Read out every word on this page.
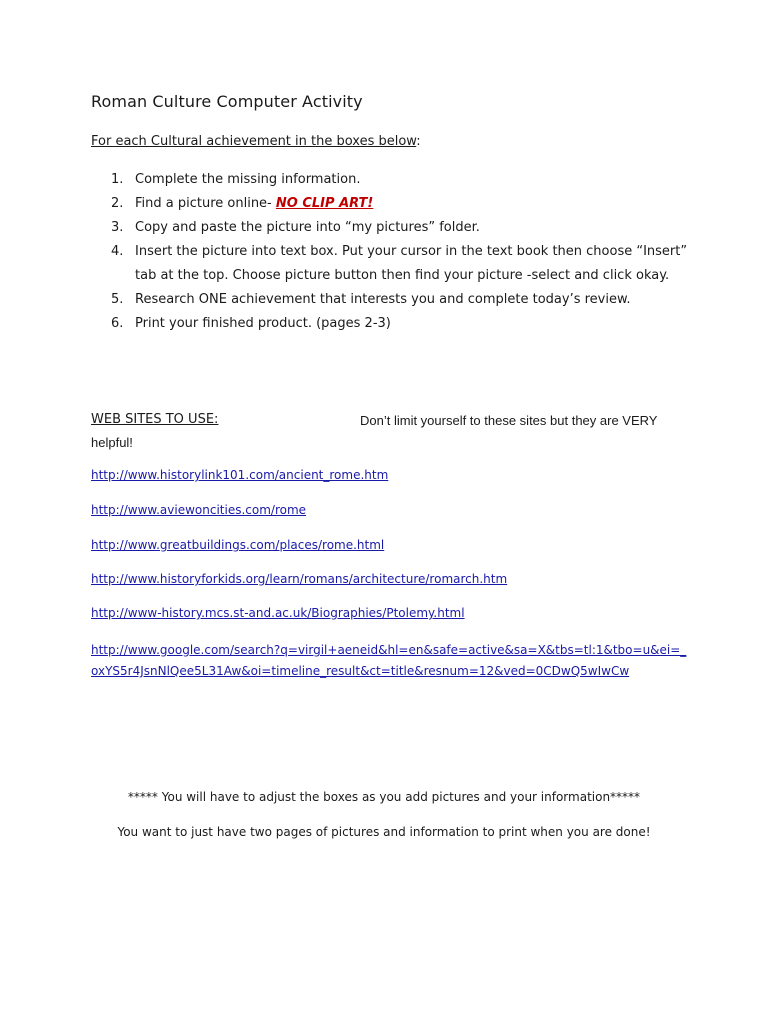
Roman Culture Computer Activity
For each Cultural achievement in the boxes below:
1. Complete the missing information.
2. Find a picture online- NO CLIP ART!
3. Copy and paste the picture into “my pictures” folder.
4. Insert the picture into text box. Put your cursor in the text book then choose “Insert” tab at the top. Choose picture button then find your picture -select and click okay.
5. Research ONE achievement that interests you and complete today’s review.
6. Print your finished product. (pages 2-3)
WEB SITES TO USE:	Don’t limit yourself to these sites but they are VERY
helpful!
http://www.historylink101.com/ancient_rome.htm
http://www.aviewoncities.com/rome
http://www.greatbuildings.com/places/rome.html
http://www.historyforkids.org/learn/romans/architecture/romarch.htm
http://www-history.mcs.st-and.ac.uk/Biographies/Ptolemy.html
http://www.google.com/search?q=virgil+aeneid&hl=en&safe=active&sa=X&tbs=tl:1&tbo=u&ei=_oxYS5r4JsnNlQee5L31Aw&oi=timeline_result&ct=title&resnum=12&ved=0CDwQ5wIwCw
***** You will have to adjust the boxes as you add pictures and your information*****
You want to just have two pages of pictures and information to print when you are done!
